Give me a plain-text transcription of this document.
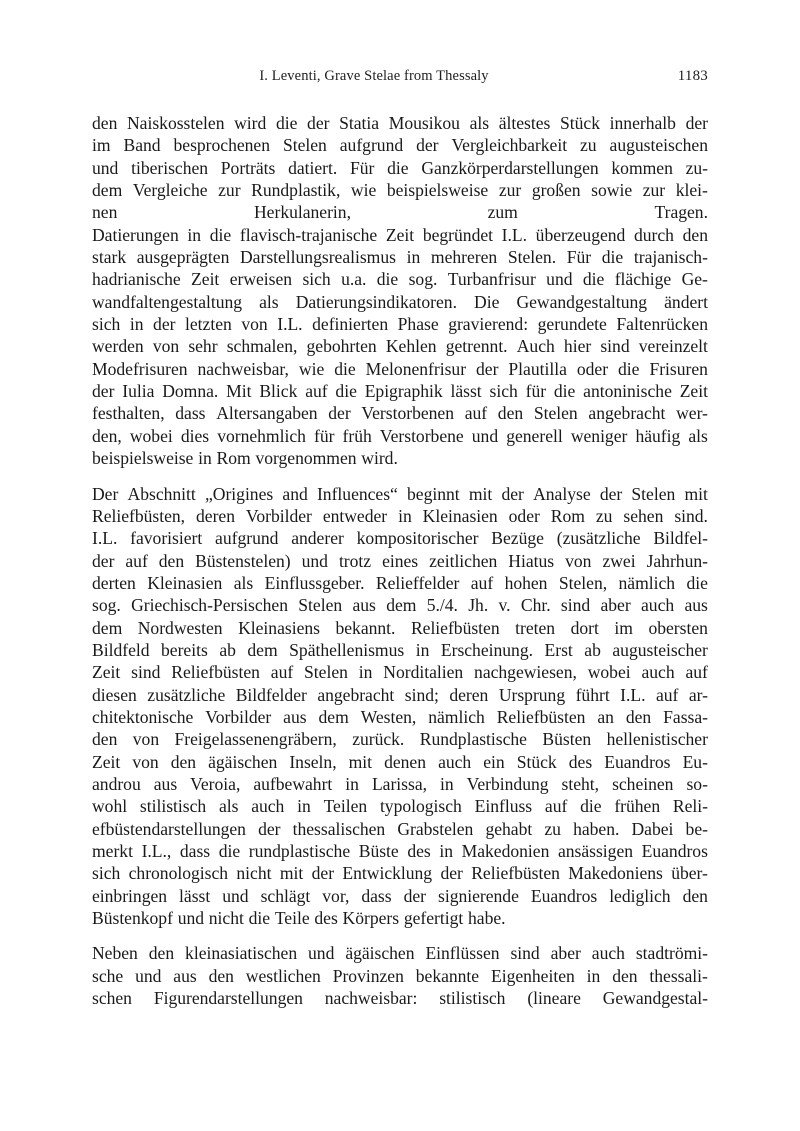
I. Leventi, Grave Stelae from Thessaly	1183
den Naiskosstelen wird die der Statia Mousikou als ältestes Stück innerhalb der
im Band besprochenen Stelen aufgrund der Vergleichbarkeit zu augusteischen
und tiberischen Porträts datiert. Für die Ganzkörperdarstellungen kommen zu-
dem Vergleiche zur Rundplastik, wie beispielsweise zur großen sowie zur klei-
nen	Herkulanerin,	zum	Tragen.
Datierungen in die flavisch-trajanische Zeit begründet I.L. überzeugend durch den
stark ausgeprägten Darstellungsrealismus in mehreren Stelen. Für die trajanisch-
hadrianische Zeit erweisen sich u.a. die sog. Turbanfrisur und die flächige Ge-
wandfaltengestaltung als Datierungsindikatoren. Die Gewandgestaltung ändert
sich in der letzten von I.L. definierten Phase gravierend: gerundete Faltenrücken
werden von sehr schmalen, gebohrten Kehlen getrennt. Auch hier sind vereinzelt
Modefrisuren nachweisbar, wie die Melonenfrisur der Plautilla oder die Frisuren
der Iulia Domna. Mit Blick auf die Epigraphik lässt sich für die antoninische Zeit
festhalten, dass Altersangaben der Verstorbenen auf den Stelen angebracht wer-
den, wobei dies vornehmlich für früh Verstorbene und generell weniger häufig als
beispielsweise in Rom vorgenommen wird.
Der Abschnitt „Origines and Influences“ beginnt mit der Analyse der Stelen mit
Reliefbüsten, deren Vorbilder entweder in Kleinasien oder Rom zu sehen sind.
I.L. favorisiert aufgrund anderer kompositorischer Bezüge (zusätzliche Bildfel-
der auf den Büstenstelen) und trotz eines zeitlichen Hiatus von zwei Jahrhun-
derten Kleinasien als Einflussgeber. Relieffelder auf hohen Stelen, nämlich die
sog. Griechisch-Persischen Stelen aus dem 5./4. Jh. v. Chr. sind aber auch aus
dem Nordwesten Kleinasiens bekannt. Reliefbüsten treten dort im obersten
Bildfeld bereits ab dem Späthellenismus in Erscheinung. Erst ab augusteischer
Zeit sind Reliefbüsten auf Stelen in Norditalien nachgewiesen, wobei auch auf
diesen zusätzliche Bildfelder angebracht sind; deren Ursprung führt I.L. auf ar-
chitektonische Vorbilder aus dem Westen, nämlich Reliefbüsten an den Fassa-
den von Freigelassenengräbern, zurück. Rundplastische Büsten hellenistischer
Zeit von den ägäischen Inseln, mit denen auch ein Stück des Euandros Eu-
androu aus Veroia, aufbewahrt in Larissa, in Verbindung steht, scheinen so-
wohl stilistisch als auch in Teilen typologisch Einfluss auf die frühen Reli-
efbüstendarstellungen der thessalischen Grabstelen gehabt zu haben. Dabei be-
merkt I.L., dass die rundplastische Büste des in Makedonien ansässigen Euandros
sich chronologisch nicht mit der Entwicklung der Reliefbüsten Makedoniens über-
einbringen lässt und schlägt vor, dass der signierende Euandros lediglich den
Büstenkopf und nicht die Teile des Körpers gefertigt habe.
Neben den kleinasiatischen und ägäischen Einflüssen sind aber auch stadtrömi-
sche und aus den westlichen Provinzen bekannte Eigenheiten in den thessali-
schen Figurendarstellungen nachweisbar: stilistisch (lineare Gewandgestal-
